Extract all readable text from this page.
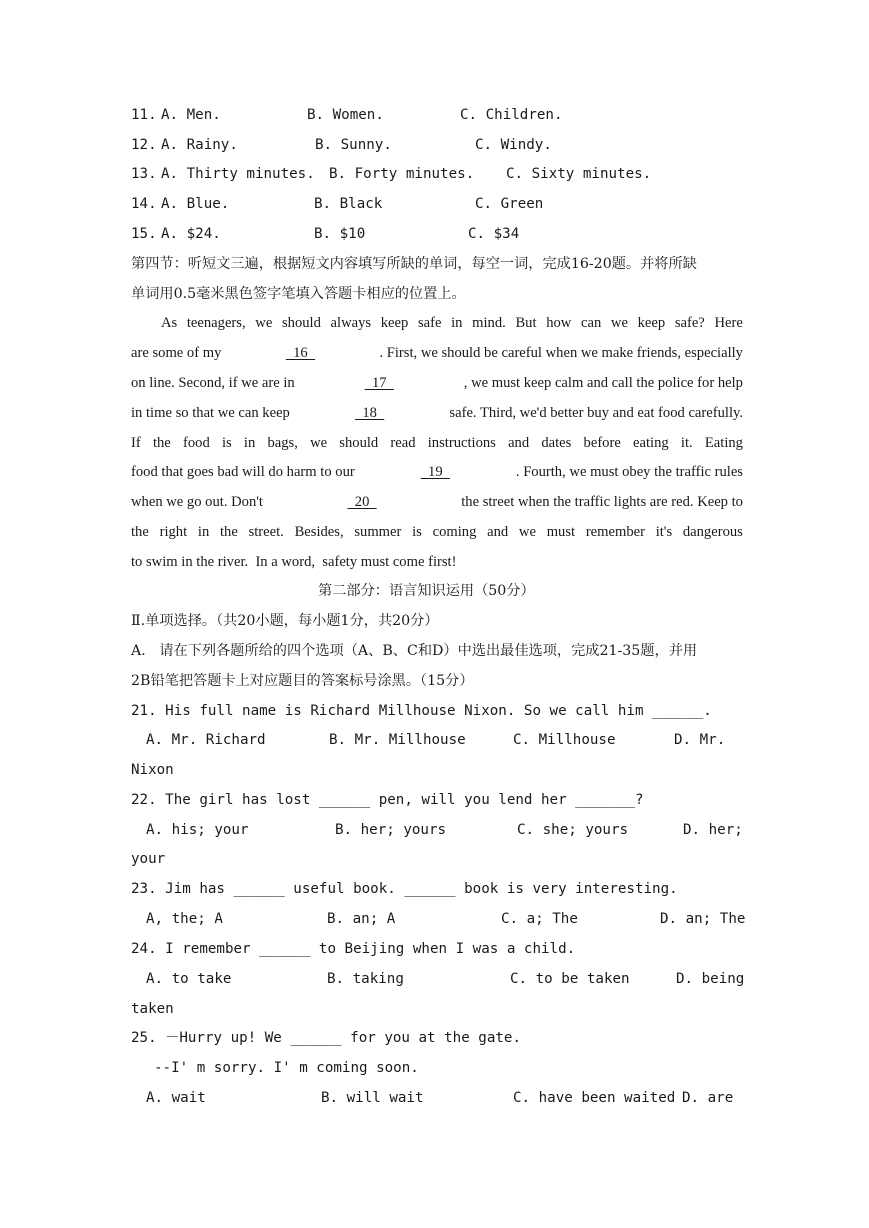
11.

A. Men.

	B. Women.

	C. Children.

12.

A. Rainy.

	B. Sunny.

	C. Windy.

13.

A. Thirty minutes.

B. Forty minutes.

C. Sixty minutes.

14.

A. Blue.

	B. Black

	C. Green

15.

A. $24.

	B. $10

	C. $34

第四节：听短文三遍，根据短文内容填写所缺的单词，每空一词，完成16-20题。并将所缺
单词用0.5毫米黑色签字笔填入答题卡相应的位置上。
As teenagers, we should always keep safe in mind. But how can we keep safe? Here
are some of my	16	. First, we should be careful when we make friends, especially
on line. Second, if we are in	17	, we must keep calm and call the police for help
in time so that we can keep	18	safe. Third, we'd better buy and eat food carefully.
If the food is in bags, we should read instructions and dates before eating it. Eating
food that goes bad will do harm to our	19	. Fourth, we must obey the traffic rules
when we go out. Don't	20	the street when the traffic lights are red. Keep to
the right in the street. Besides, summer is coming and we must remember it's dangerous
to swim in the river.  In a word,  safety must come first!
第二部分：语言知识运用（50分）
Ⅱ.单项选择。（共20小题，每小题1分，共20分）
A.   请在下列各题所给的四个选项（A、B、C和D）中选出最佳选项，完成21-35题，并用
2B铅笔把答题卡上对应题目的答案标号涂黑。（15分）
21. His full name is Richard Millhouse Nixon. So we call him ______.

A. Mr. Richard

	B. Mr. Millhouse

	C. Millhouse

	D. Mr.

Nixon
22. The girl has lost ______ pen, will you lend her _______?

A. his; your

	B. her; yours

	C. she; yours

	D. her;

your
23. Jim has ______ useful book. ______ book is very interesting.

A, the; A

	B. an; A

	C. a; The

	D. an; The

24. I remember ______ to Beijing when I was a child.

A. to take

	B. taking

	C. to be taken

	D. being

taken
25. －Hurry up! We ______ for you at the gate.
--I' m sorry. I' m coming soon.

A. wait

	B. will wait

	C. have been waited

D. are
